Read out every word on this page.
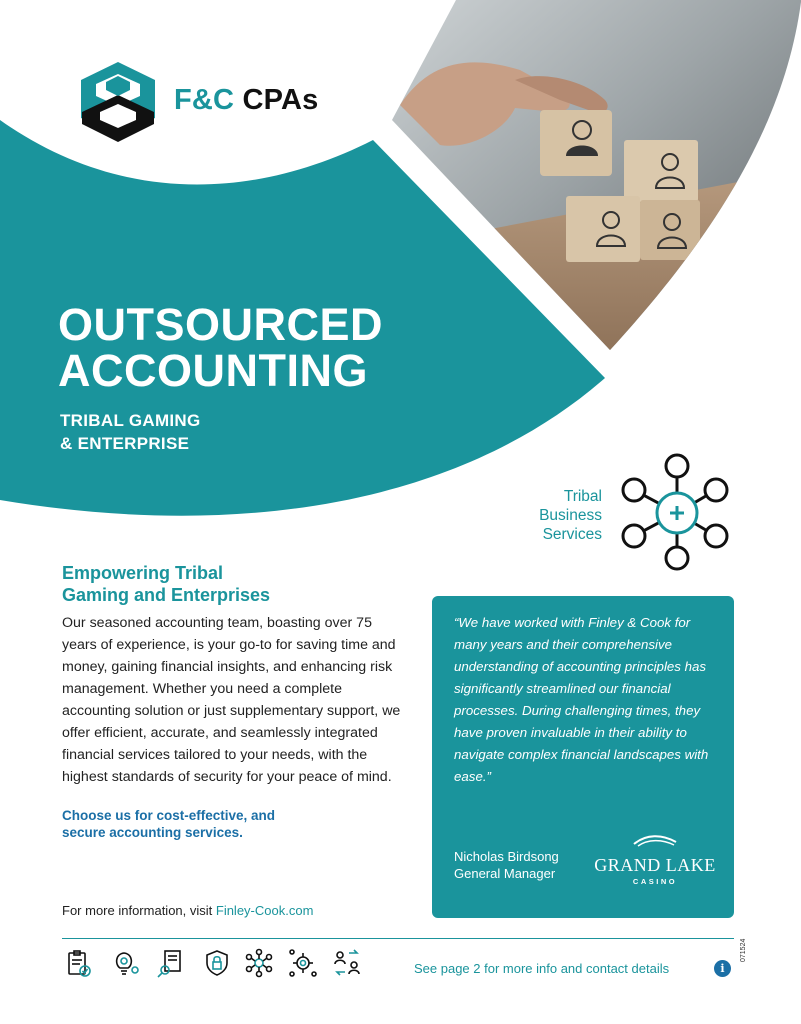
F&C CPAs
OUTSOURCED
ACCOUNTING
TRIBAL GAMING
& ENTERPRISE
Tribal
Business
Services
Empowering Tribal
Gaming and Enterprises
Our seasoned accounting team, boasting over 75 years of experience, is your go-to for saving time and money, gaining financial insights, and enhancing risk management. Whether you need a complete accounting solution or just supplementary support, we offer efficient, accurate, and seamlessly integrated financial services tailored to your needs, with the highest standards of security for your peace of mind.
Choose us for cost-effective, and
secure accounting services.
“We have worked with Finley & Cook for many years and their comprehensive understanding of accounting principles has significantly streamlined our financial processes. During challenging times, they have proven invaluable in their ability to navigate complex financial landscapes with ease.”
Nicholas Birdsong
General Manager GRAND LAKE
CASINO
For more information, visit Finley-Cook.com
See page 2 for more info and contact details	i
071524
